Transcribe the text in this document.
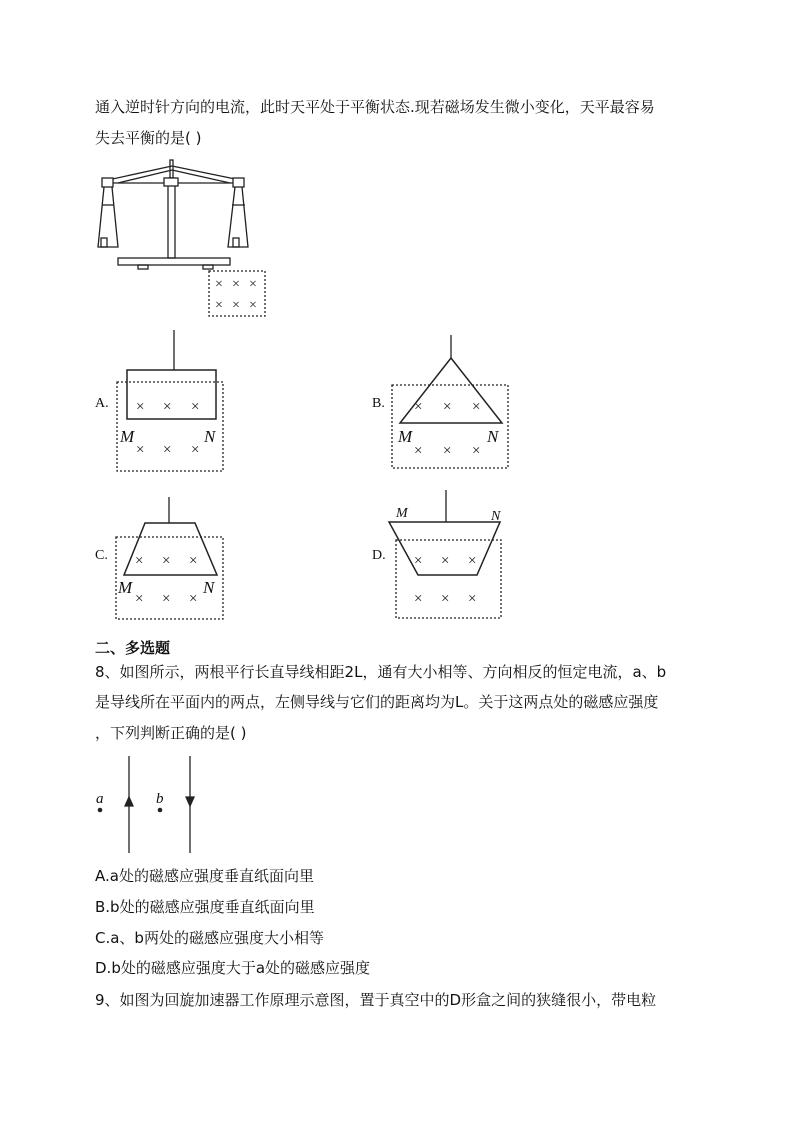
通入逆时针方向的电流，此时天平处于平衡状态.现若磁场发生微小变化，天平最容易
失去平衡的是( )
× × ×
× × ×
× × ×
× × ×
× × ×
× × ×
× × ×
× × ×
× × ×
× × ×
A.	B.
C.	D.
M	N	M	N
M	N
M	N
二、多选题
8、如图所示，两根平行长直导线相距2L，通有大小相等、方向相反的恒定电流，a、b
是导线所在平面内的两点，左侧导线与它们的距离均为L。关于这两点处的磁感应强度
，下列判断正确的是( )
a	b
A.a处的磁感应强度垂直纸面向里
B.b处的磁感应强度垂直纸面向里
C.a、b两处的磁感应强度大小相等
D.b处的磁感应强度大于a处的磁感应强度
9、如图为回旋加速器工作原理示意图，置于真空中的D形盒之间的狭缝很小，带电粒
